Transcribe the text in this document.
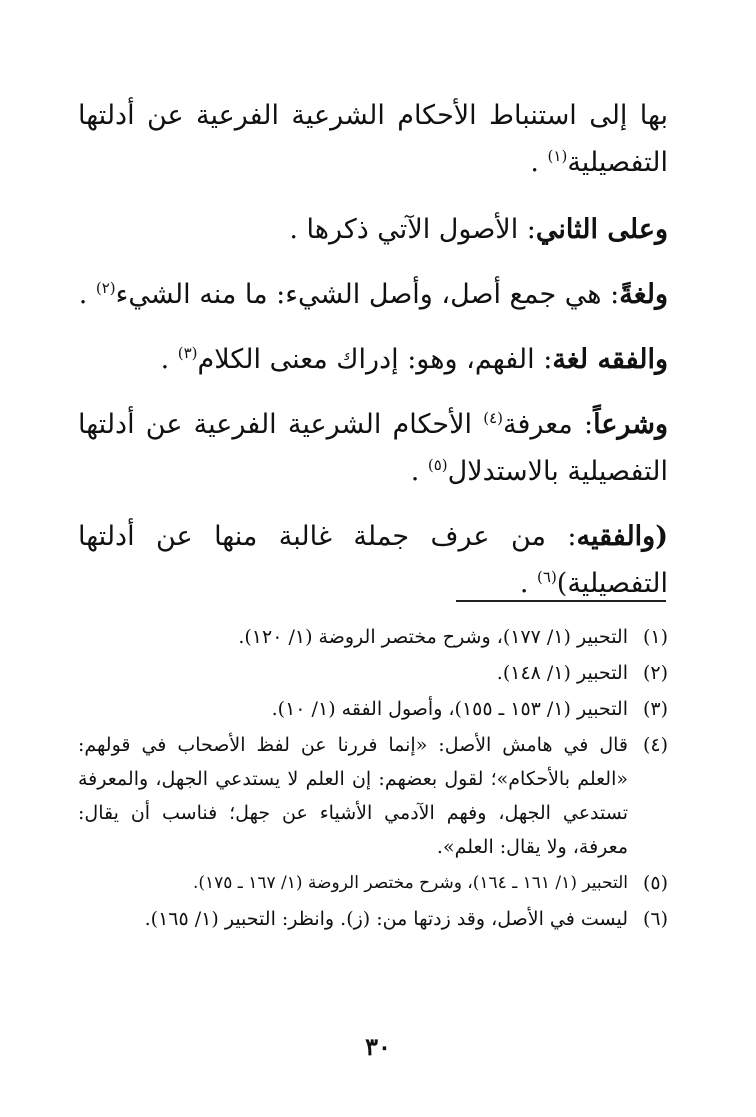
بها إلى استنباط الأحكام الشرعية الفرعية عن أدلتها التفصيلية$^{(١)}$ .

وعلى الثاني: الأصول الآتي ذكرها .

ولغةً: هي جمع أصل، وأصل الشيء: ما منه الشيء$^{(٢)}$ .

والفقه لغة: الفهم، وهو: إدراك معنى الكلام$^{(٣)}$ .

وشرعاً: معرفة$^{(٤)}$ الأحكام الشرعية الفرعية عن أدلتها التفصيلية بالاستدلال$^{(٥)}$ .

(والفقيه: من عرف جملة غالبة منها عن أدلتها التفصيلية)$^{(٦)}$ .

(١)
التحبير (١/ ١٧٧)، وشرح مختصر الروضة (١/ ١٢٠).
(٢)
التحبير (١/ ١٤٨).
(٣)
التحبير (١/ ١٥٣ ـ ١٥٥)، وأصول الفقه (١/ ١٠).
(٤)
قال في هامش الأصل: «إنما فررنا عن لفظ الأصحاب في قولهم: «العلم بالأحكام»؛ لقول بعضهم: إن العلم لا يستدعي الجهل، والمعرفة تستدعي الجهل، وفهم الآدمي الأشياء عن جهل؛ فناسب أن يقال: معرفة، ولا يقال: العلم».
(٥)
التحبير (١/ ١٦١ ـ ١٦٤)، وشرح مختصر الروضة (١/ ١٦٧ ـ ١٧٥).
(٦)
ليست في الأصل، وقد زدتها من: (ز). وانظر: التحبير (١/ ١٦٥).
٣٠
